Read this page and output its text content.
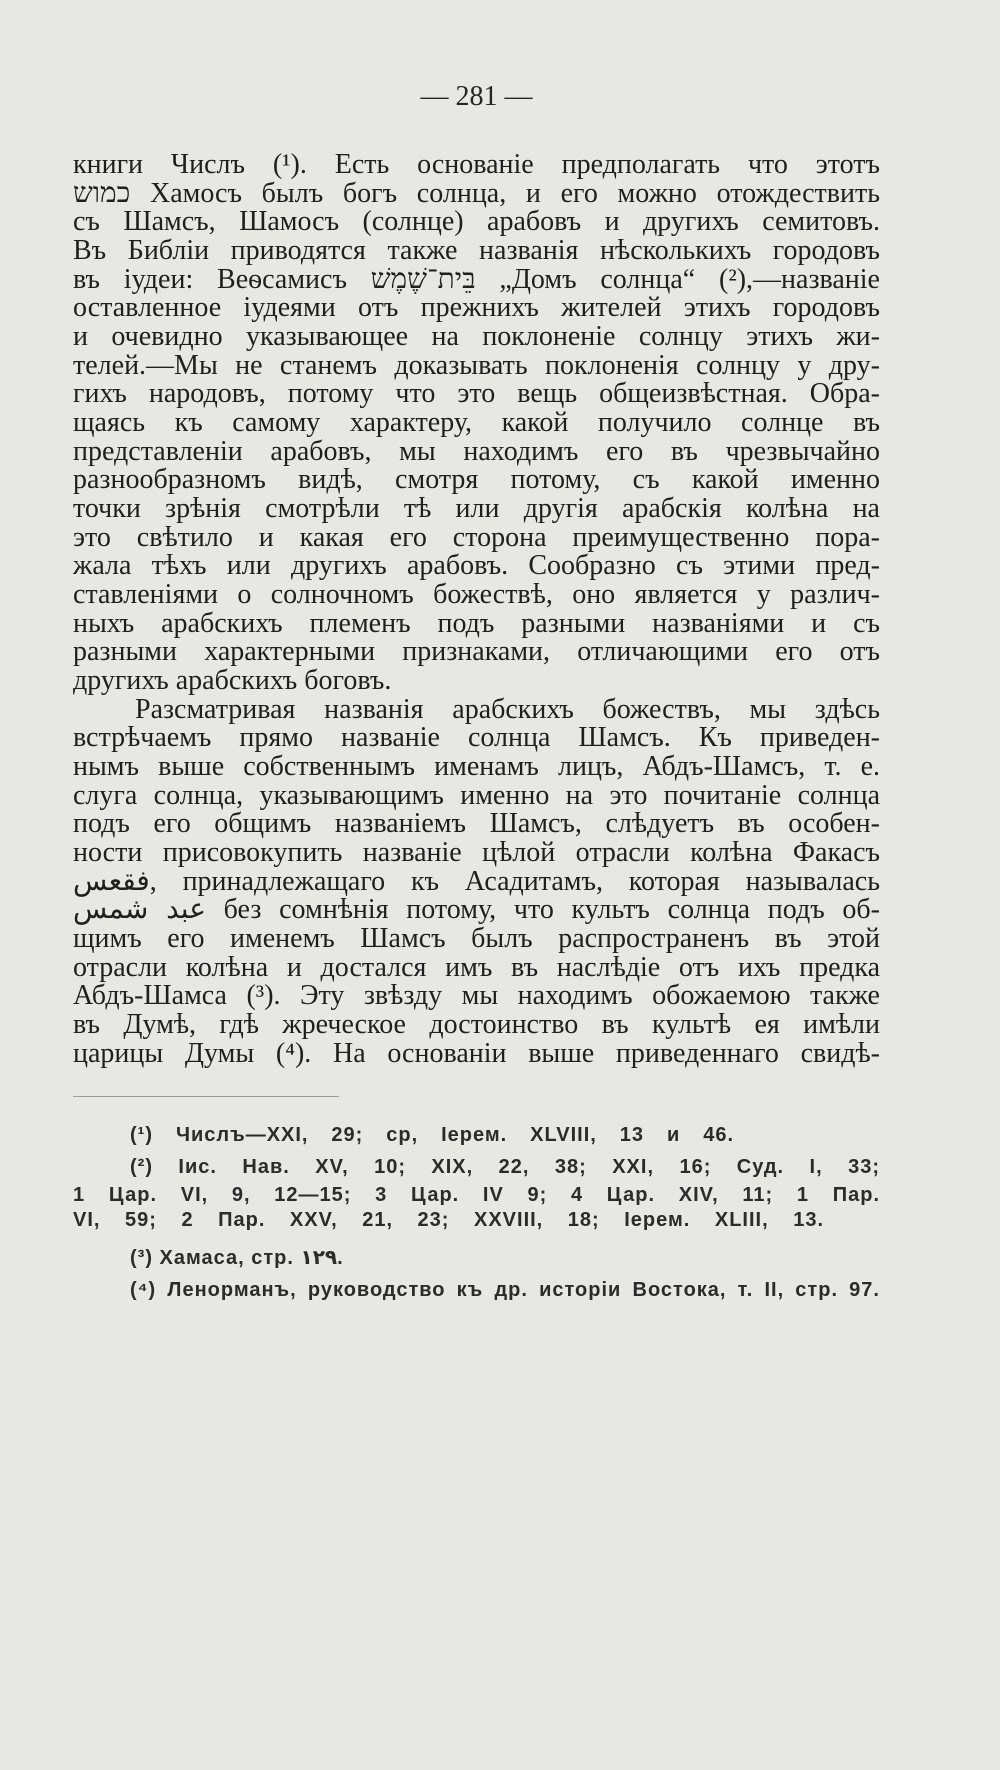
— 281 —
книги Числъ (¹). Есть основаніе предполагать что этотъ
כמוש Хамосъ былъ богъ солнца, и его можно отождествить
съ Шамсъ, Шамосъ (солнце) арабовъ и другихъ семитовъ.
Въ Библіи приводятся также названія нѣсколькихъ городовъ
въ іудеи: Веѳсамисъ בֵּית־שֶׁמֶשׁ „Домъ солнца“ (²),—названіе
оставленное іудеями отъ прежнихъ жителей этихъ городовъ
и очевидно указывающее на поклоненіе солнцу этихъ жи-
телей.—Мы не станемъ доказывать поклоненія солнцу у дру-
гихъ народовъ, потому что это вещь общеизвѣстная. Обра-
щаясь къ самому характеру, какой получило солнце въ
представленіи арабовъ, мы находимъ его въ чрезвычайно
разнообразномъ видѣ, смотря потому, съ какой именно
точки зрѣнія смотрѣли тѣ или другія арабскія колѣна на
это свѣтило и какая его сторона преимущественно пора-
жала тѣхъ или другихъ арабовъ. Сообразно съ этими пред-
ставленіями о солночномъ божествѣ, оно является у различ-
ныхъ арабскихъ племенъ подъ разными названіями и съ
разными характерными признаками, отличающими его отъ
другихъ арабскихъ боговъ.
Разсматривая названія арабскихъ божествъ, мы здѣсь
встрѣчаемъ прямо названіе солнца Шамсъ. Къ приведен-
нымъ выше собственнымъ именамъ лицъ, Абдъ-Шамсъ, т. е.
слуга солнца, указывающимъ именно на это почитаніе солнца
подъ его общимъ названіемъ Шамсъ, слѣдуетъ въ особен-
ности присовокупить названіе цѣлой отрасли колѣна Факасъ
فقعس, принадлежащаго къ Асадитамъ, которая называлась
عبد شمس без сомнѣнія потому, что культъ солнца подъ об-
щимъ его именемъ Шамсъ былъ распространенъ въ этой
отрасли колѣна и достался имъ въ наслѣдіе отъ ихъ предка
Абдъ-Шамса (³). Эту звѣзду мы находимъ обожаемою также
въ Думѣ, гдѣ жреческое достоинство въ культѣ ея имѣли
царицы Думы (⁴). На основаніи выше приведеннаго свидѣ-
(¹) Числъ—XXI, 29; ср, Іерем. XLVIII, 13 и 46.
(²) Іис. Нав. XV, 10; XIX, 22, 38; XXI, 16; Суд. I, 33;
1 Цар. VI, 9, 12—15; 3 Цар. IV 9; 4 Цар. XIV, 11; 1 Пар.
VI, 59; 2 Пар. XXV, 21, 23; XXVIII, 18; Іерем. XLIII, 13.
(³) Хамаса, стр. ١٢٩.
(⁴) Ленорманъ, руководство къ др. исторіи Востока, т. II, стр. 97.
